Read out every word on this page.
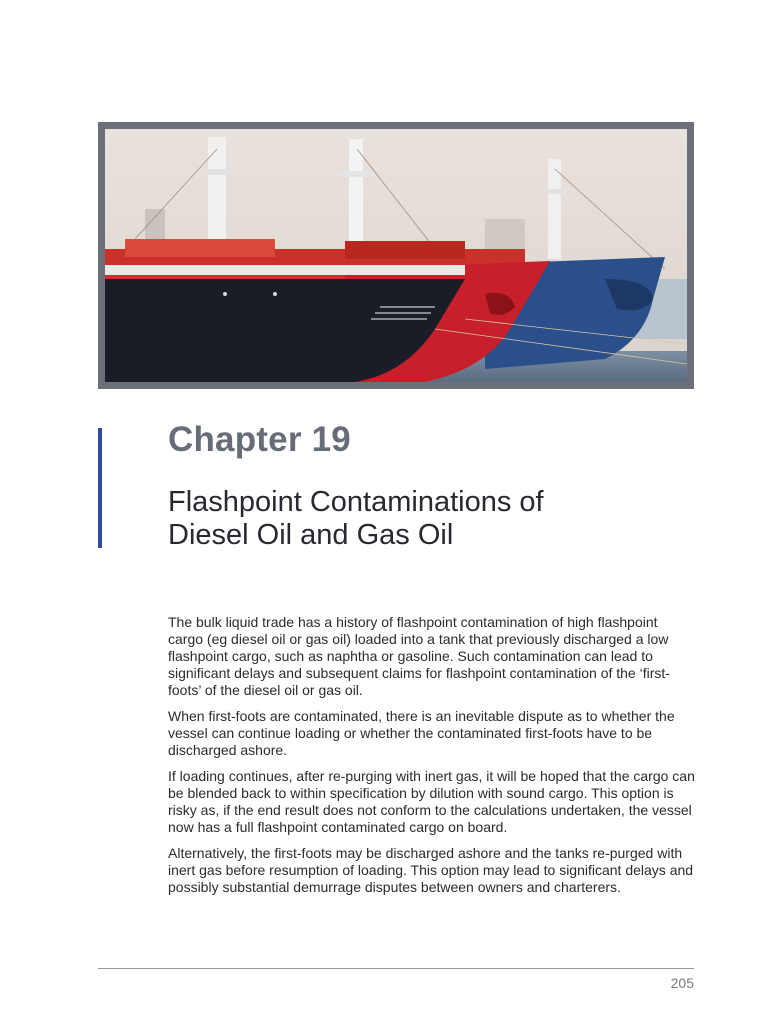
Chapter 19
Flashpoint Contaminations of
Diesel Oil and Gas Oil

The bulk liquid trade has a history of flashpoint contamination of high flashpoint cargo (eg diesel oil or gas oil) loaded into a tank that previously discharged a low flashpoint cargo, such as naphtha or gasoline. Such contamination can lead to significant delays and subsequent claims for flashpoint contamination of the ‘first-foots’ of the diesel oil or gas oil.

When first-foots are contaminated, there is an inevitable dispute as to whether the vessel can continue loading or whether the contaminated first-foots have to be discharged ashore.

If loading continues, after re-purging with inert gas, it will be hoped that the cargo can be blended back to within specification by dilution with sound cargo. This option is risky as, if the end result does not conform to the calculations undertaken, the vessel now has a full flashpoint contaminated cargo on board.

Alternatively, the first-foots may be discharged ashore and the tanks re-purged with inert gas before resumption of loading. This option may lead to significant delays and possibly substantial demurrage disputes between owners and charterers.

205
